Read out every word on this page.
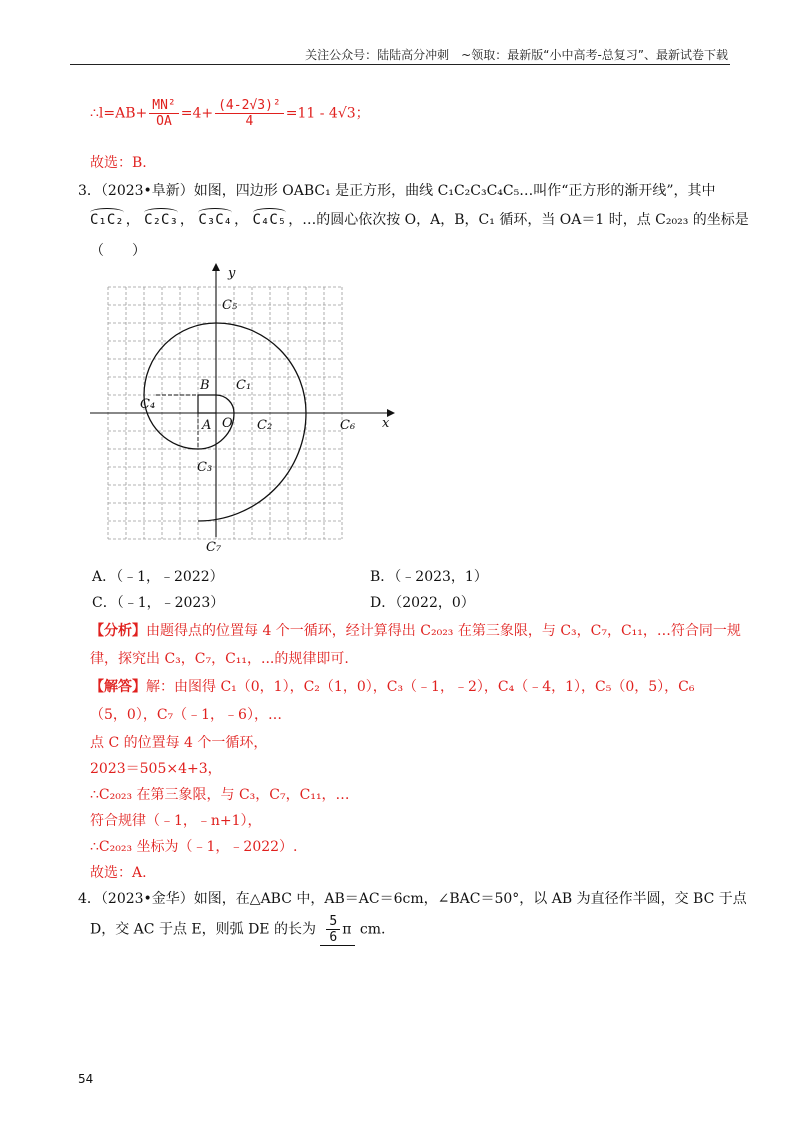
关注公众号：陆陆高分冲刺　~领取：最新版“小中高考-总复习”、最新试卷下载
∴l=AB+ $\frac{\text{MN²}}{OA} =4+ \frac{\text{(4-2√3)²}}{4} =11 - 4√3$；
故选：B.
3．（2023•阜新）如图，四边形 OABC₁ 是正方形，曲线 C₁C₂C₃C₄C₅…叫作“正方形的渐开线”，其中
C₁C₂ ， C₂C₃ ， C₃C₄ ， C₄C₅ ，…的圆心依次按 O，A，B，C₁ 循环，当 OA＝1 时，点 C₂₀₂₃ 的坐标是
（　　）
y
x
C₅
C₁
B
C₄
A O C₂	C₆
C₃
C₇
A．（﹣1，﹣2022）	B．（﹣2023，1）
C．（﹣1，﹣2023）	D．（2022，0）
【分析】由题得点的位置每 4 个一循环，经计算得出 C₂₀₂₃ 在第三象限，与 C₃，C₇，C₁₁，…符合同一规
律，探究出 C₃，C₇，C₁₁，...的规律即可.
【解答】解：由图得 C₁（0，1），C₂（1，0），C₃（﹣1，﹣2），C₄（﹣4，1），C₅（0，5），C₆
（5，0），C₇（﹣1，﹣6），…
点 C 的位置每 4 个一循环，
2023＝505×4+3，
∴C₂₀₂₃ 在第三象限，与 C₃，C₇，C₁₁，…
符合规律（﹣1，﹣n+1），
∴C₂₀₂₃ 坐标为（﹣1，﹣2022）.
故选：A.
4．（2023•金华）如图，在△ABC 中，AB＝AC＝6cm，∠BAC＝50°，以 AB 为直径作半圆，交 BC 于点
D，交 AC 于点 E，则弧 DE 的长为 $\frac{5}{6}$ π cm.
54
